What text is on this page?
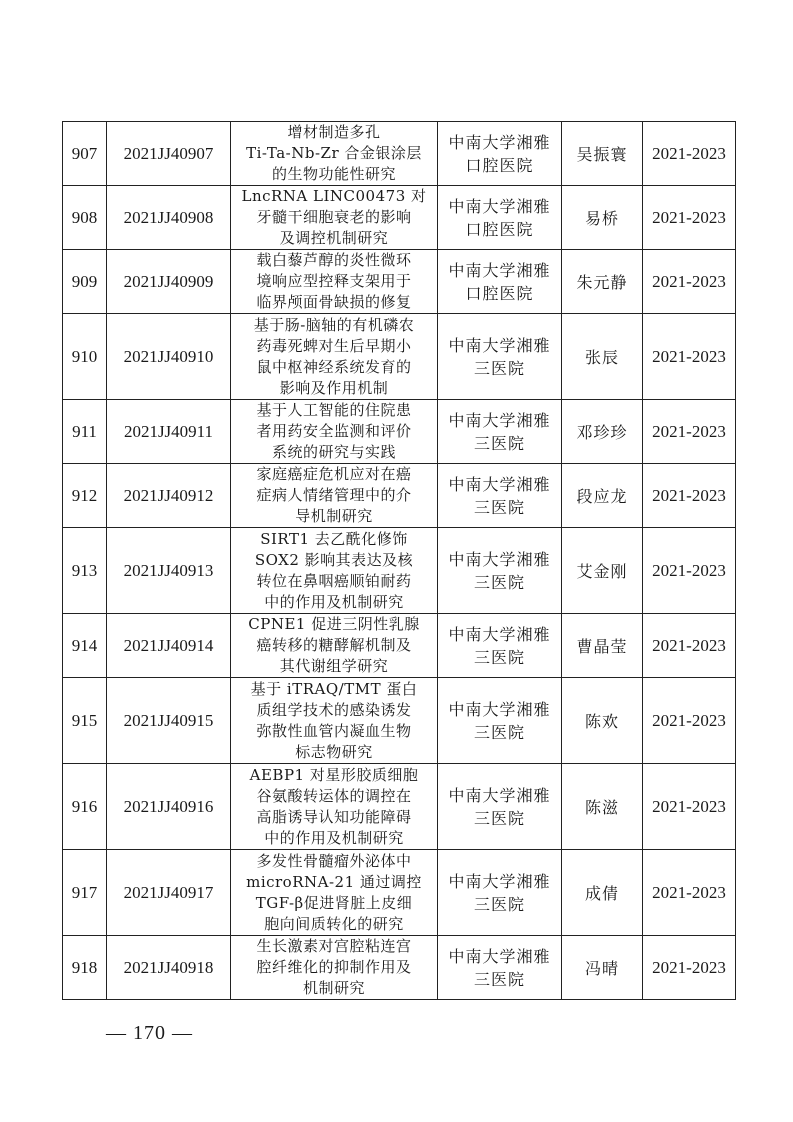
907	2021JJ40907	增材制造多孔
Ti-Ta-Nb-Zr 合金银涂层
的生物功能性研究	中南大学湘雅
口腔医院	吴振寰	2021-2023
908	2021JJ40908	LncRNA LINC00473 对
牙髓干细胞衰老的影响
及调控机制研究	中南大学湘雅
口腔医院	易桥	2021-2023
909	2021JJ40909	载白藜芦醇的炎性微环
境响应型控释支架用于
临界颅面骨缺损的修复	中南大学湘雅
口腔医院	朱元静	2021-2023
910	2021JJ40910	基于肠-脑轴的有机磷农
药毒死蜱对生后早期小
鼠中枢神经系统发育的
影响及作用机制	中南大学湘雅
三医院	张辰	2021-2023
911	2021JJ40911	基于人工智能的住院患
者用药安全监测和评价
系统的研究与实践	中南大学湘雅
三医院	邓珍珍	2021-2023
912	2021JJ40912	家庭癌症危机应对在癌
症病人情绪管理中的介
导机制研究	中南大学湘雅
三医院	段应龙	2021-2023
913	2021JJ40913	SIRT1 去乙酰化修饰
SOX2 影响其表达及核
转位在鼻咽癌顺铂耐药
中的作用及机制研究	中南大学湘雅
三医院	艾金刚	2021-2023
914	2021JJ40914	CPNE1 促进三阴性乳腺
癌转移的糖酵解机制及
其代谢组学研究	中南大学湘雅
三医院	曹晶莹	2021-2023
915	2021JJ40915	基于 iTRAQ/TMT 蛋白
质组学技术的感染诱发
弥散性血管内凝血生物
标志物研究	中南大学湘雅
三医院	陈欢	2021-2023
916	2021JJ40916	AEBP1 对星形胶质细胞
谷氨酸转运体的调控在
高脂诱导认知功能障碍
中的作用及机制研究	中南大学湘雅
三医院	陈滋	2021-2023
917	2021JJ40917	多发性骨髓瘤外泌体中
microRNA-21 通过调控
TGF-β促进肾脏上皮细
胞向间质转化的研究	中南大学湘雅
三医院	成倩	2021-2023
918	2021JJ40918	生长激素对宫腔粘连宫
腔纤维化的抑制作用及
机制研究	中南大学湘雅
三医院	冯晴	2021-2023
— 170 —
